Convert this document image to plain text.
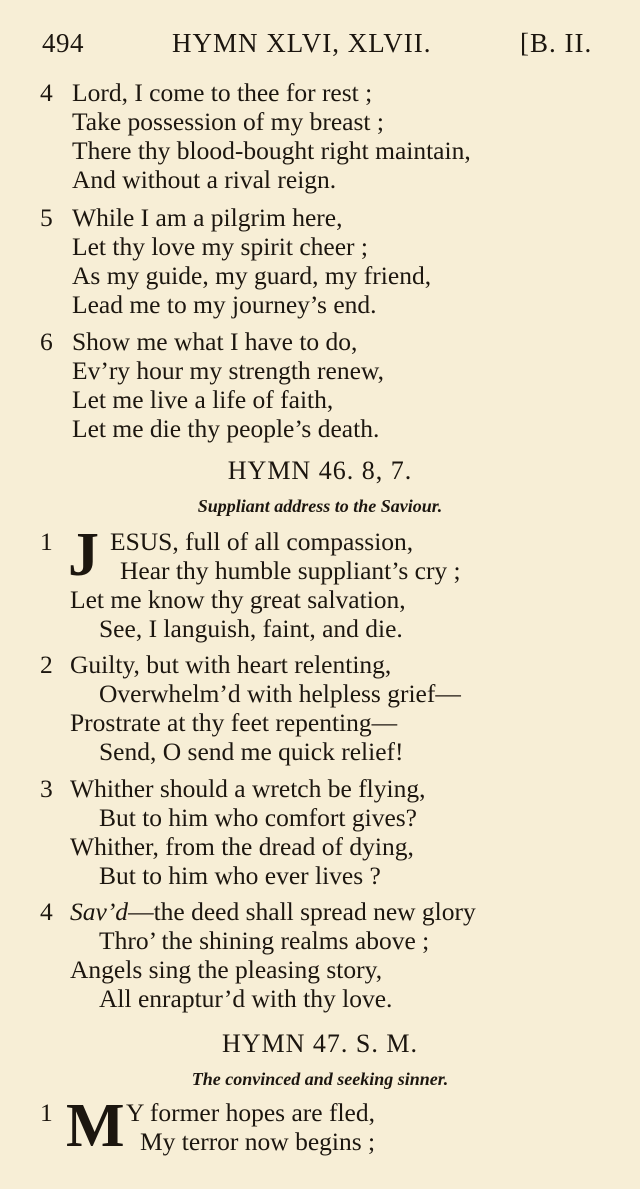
494	HYMN XLVI, XLVII.	[B. II.
4 Lord, I come to thee for rest ;
Take possession of my breast ;
There thy blood-bought right maintain,
And without a rival reign.
5 While I am a pilgrim here,
Let thy love my spirit cheer ;
As my guide, my guard, my friend,
Lead me to my journey’s end.
6 Show me what I have to do,
Ev’ry hour my strength renew,
Let me live a life of faith,
Let me die thy people’s death.
HYMN 46. 8, 7.
Suppliant address to the Saviour.
1 J ESUS, full of all compassion,
Hear thy humble suppliant’s cry ;
Let me know thy great salvation,
See, I languish, faint, and die.
2 Guilty, but with heart relenting,
Overwhelm’d with helpless grief—
Prostrate at thy feet repenting—
Send, O send me quick relief!
3 Whither should a wretch be flying,
But to him who comfort gives?
Whither, from the dread of dying,
But to him who ever lives ?
4 Sav’d—the deed shall spread new glory
Thro’ the shining realms above ;
Angels sing the pleasing story,
All enraptur’d with thy love.
HYMN 47. S. M.
The convinced and seeking sinner.
1 M Y former hopes are fled,
My terror now begins ;
